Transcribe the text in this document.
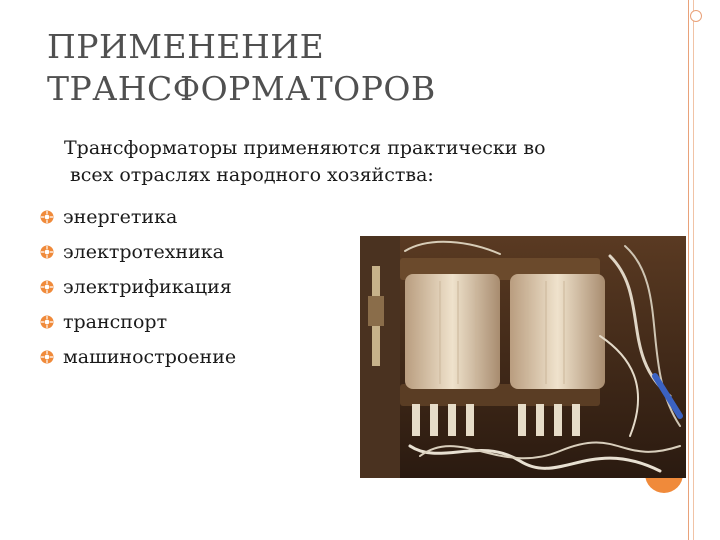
ПРИМЕНЕНИЕ
ТРАНСФОРМАТОРОВ
Трансформаторы применяются практически во
всех отраслях народного хозяйства:
энергетика
электротехника
электрификация
транспорт
машиностроение
